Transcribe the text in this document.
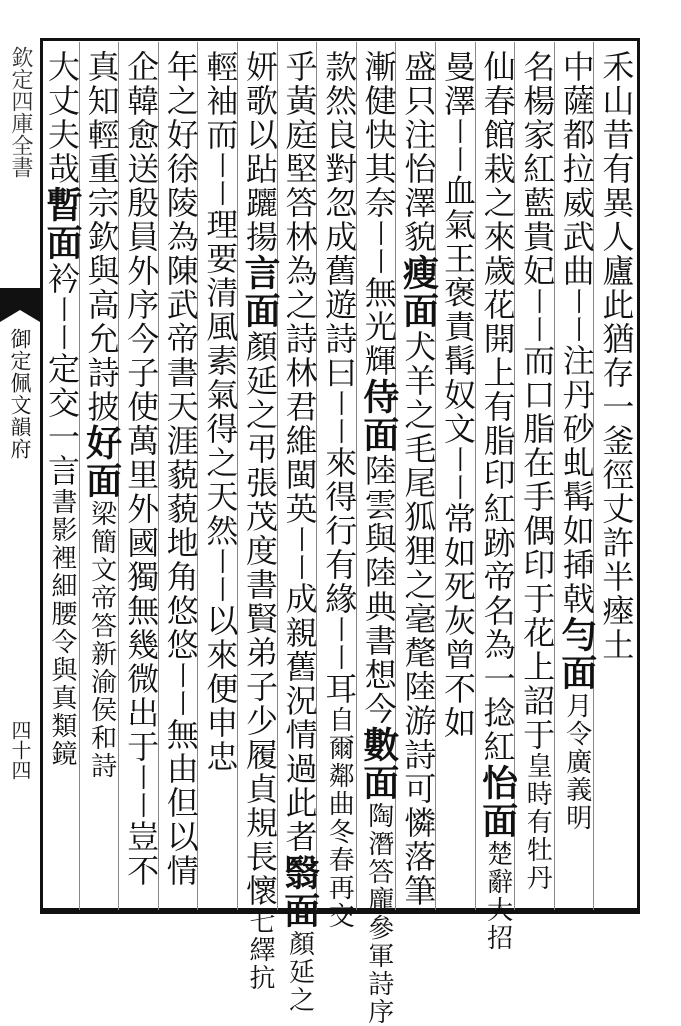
欽定四庫全書
御定佩文韻府
四十四
禾山昔有異人廬此猶存一釜徑丈許半瘞土
中薩都拉威武曲丨丨注丹砂虬髯如揷戟勻面月令廣義明
名楊家紅藍貴妃丨丨而口脂在手偶印于花上詔于皇時有牡丹
仙春館栽之來歲花開上有脂印紅跡帝名為一捻紅怡面楚辭大招
曼澤丨丨血氣王褒責髯奴文丨丨常如死灰曾不如
盛只注怡澤貌瘦面犬羊之毛尾狐狸之毫氂陸游詩可憐落筆
漸健快其奈丨丨無光輝侍面陸雲與陸典書想今數面陶潛答龐參軍詩序
款然良對忽成舊遊詩曰丨丨來得行有緣丨丨耳自爾鄰曲冬春再交
乎黃庭堅答林為之詩林君維閩英丨丨成親舊況情過此者翳面顏延之
妍歌以跕躧揚言面顏延之弔張茂度書賢弟子少履貞規長懷七繹抗
輕袖而丨丨理要清風素氣得之天然丨丨以來便申忠
年之好徐陵為陳武帝書天涯藐藐地角悠悠丨丨無由但以情
企韓愈送殷員外序今子使萬里外國獨無幾微出于丨丨豈不
真知輕重宗欽與高允詩披好面梁簡文帝答新渝侯和詩
大丈夫哉暫面衿丨丨定交一言書影裡細腰令與真類鏡
